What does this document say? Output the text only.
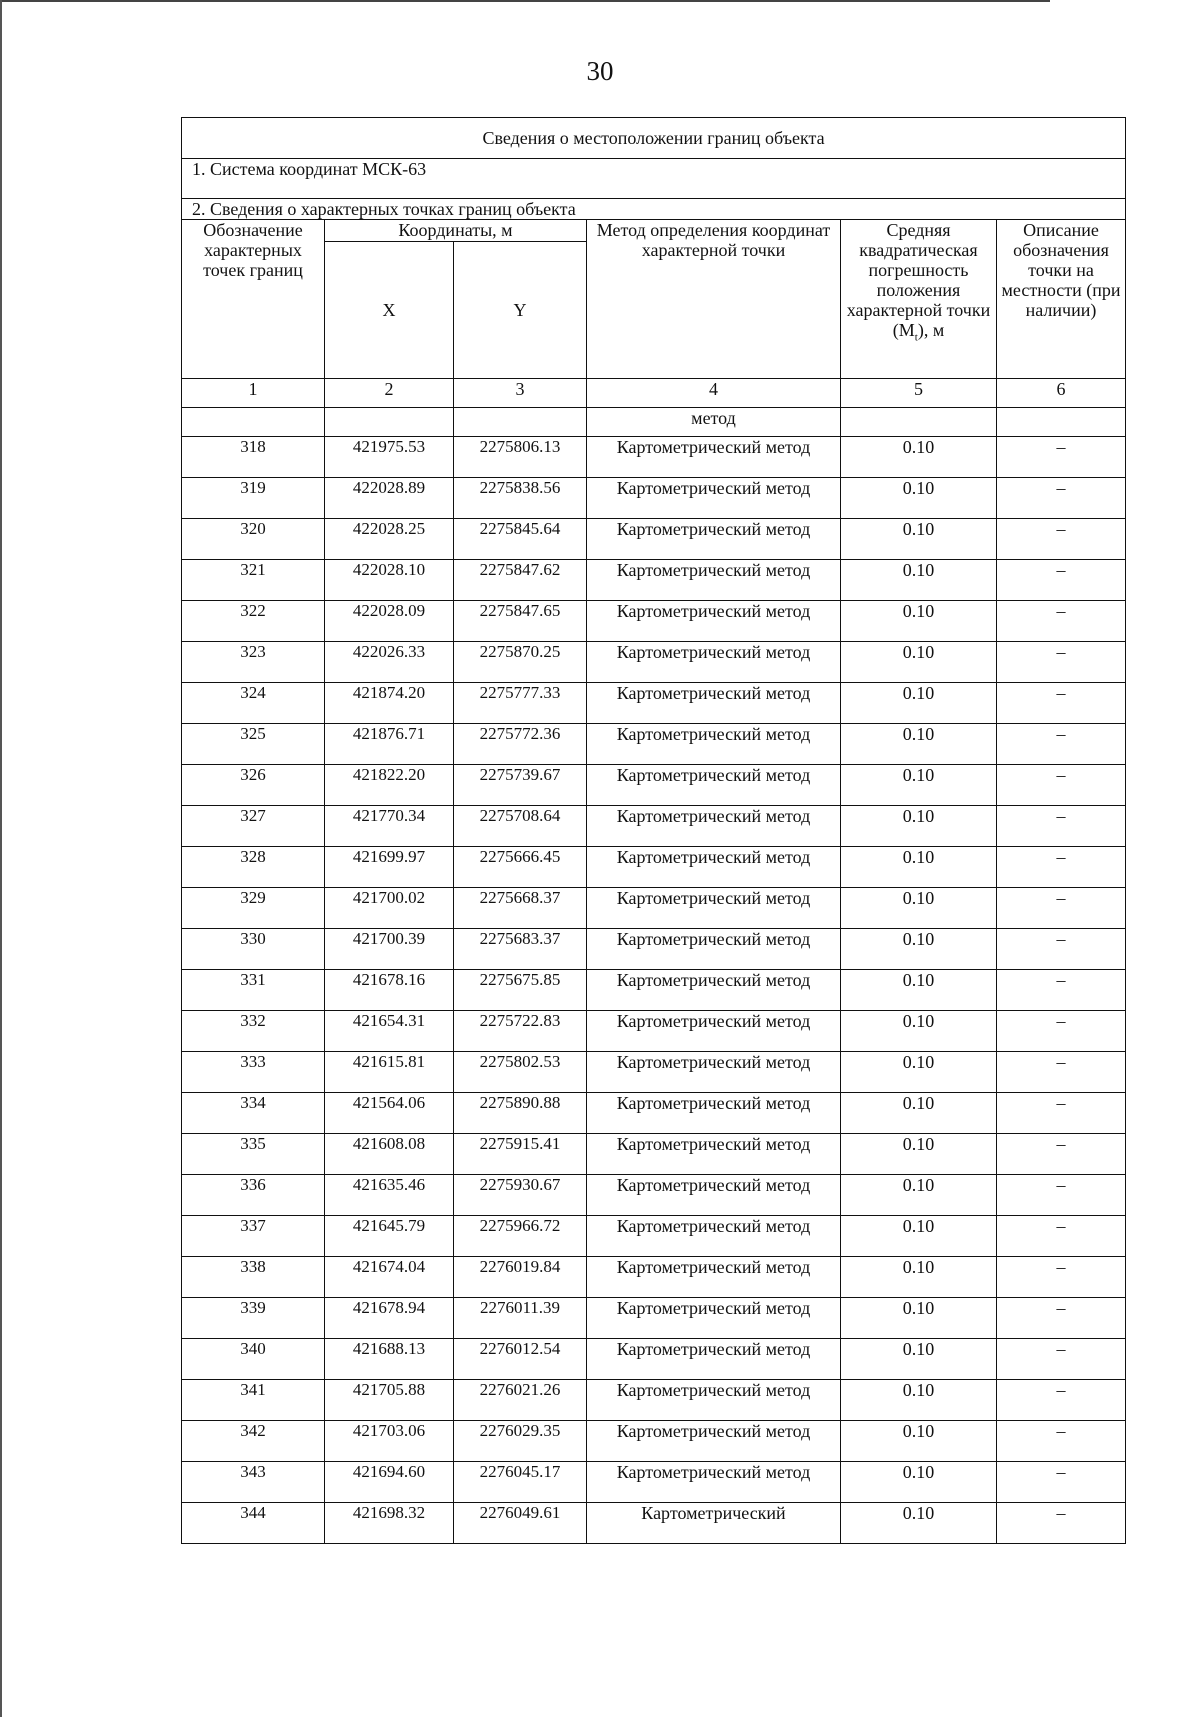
30
Сведения о местоположении границ объекта					
1. Система координат МСК-63					
2. Сведения о характерных точках границ объекта					
Обозначение характерных точек границ	Координаты, м		Метод определения координат характерной точки	Средняя квадратическая погрешность положения характерной точки $(M_t)$, м	Описание обозначения точки на местности (при наличии)
	X	Y			
1	2	3	4	5	6
			метод		
318	421975.53	2275806.13	Картометрический метод	0.10	–
319	422028.89	2275838.56	Картометрический метод	0.10	–
320	422028.25	2275845.64	Картометрический метод	0.10	–
321	422028.10	2275847.62	Картометрический метод	0.10	–
322	422028.09	2275847.65	Картометрический метод	0.10	–
323	422026.33	2275870.25	Картометрический метод	0.10	–
324	421874.20	2275777.33	Картометрический метод	0.10	–
325	421876.71	2275772.36	Картометрический метод	0.10	–
326	421822.20	2275739.67	Картометрический метод	0.10	–
327	421770.34	2275708.64	Картометрический метод	0.10	–
328	421699.97	2275666.45	Картометрический метод	0.10	–
329	421700.02	2275668.37	Картометрический метод	0.10	–
330	421700.39	2275683.37	Картометрический метод	0.10	–
331	421678.16	2275675.85	Картометрический метод	0.10	–
332	421654.31	2275722.83	Картометрический метод	0.10	–
333	421615.81	2275802.53	Картометрический метод	0.10	–
334	421564.06	2275890.88	Картометрический метод	0.10	–
335	421608.08	2275915.41	Картометрический метод	0.10	–
336	421635.46	2275930.67	Картометрический метод	0.10	–
337	421645.79	2275966.72	Картометрический метод	0.10	–
338	421674.04	2276019.84	Картометрический метод	0.10	–
339	421678.94	2276011.39	Картометрический метод	0.10	–
340	421688.13	2276012.54	Картометрический метод	0.10	–
341	421705.88	2276021.26	Картометрический метод	0.10	–
342	421703.06	2276029.35	Картометрический метод	0.10	–
343	421694.60	2276045.17	Картометрический метод	0.10	–
344	421698.32	2276049.61	Картометрический	0.10	–
